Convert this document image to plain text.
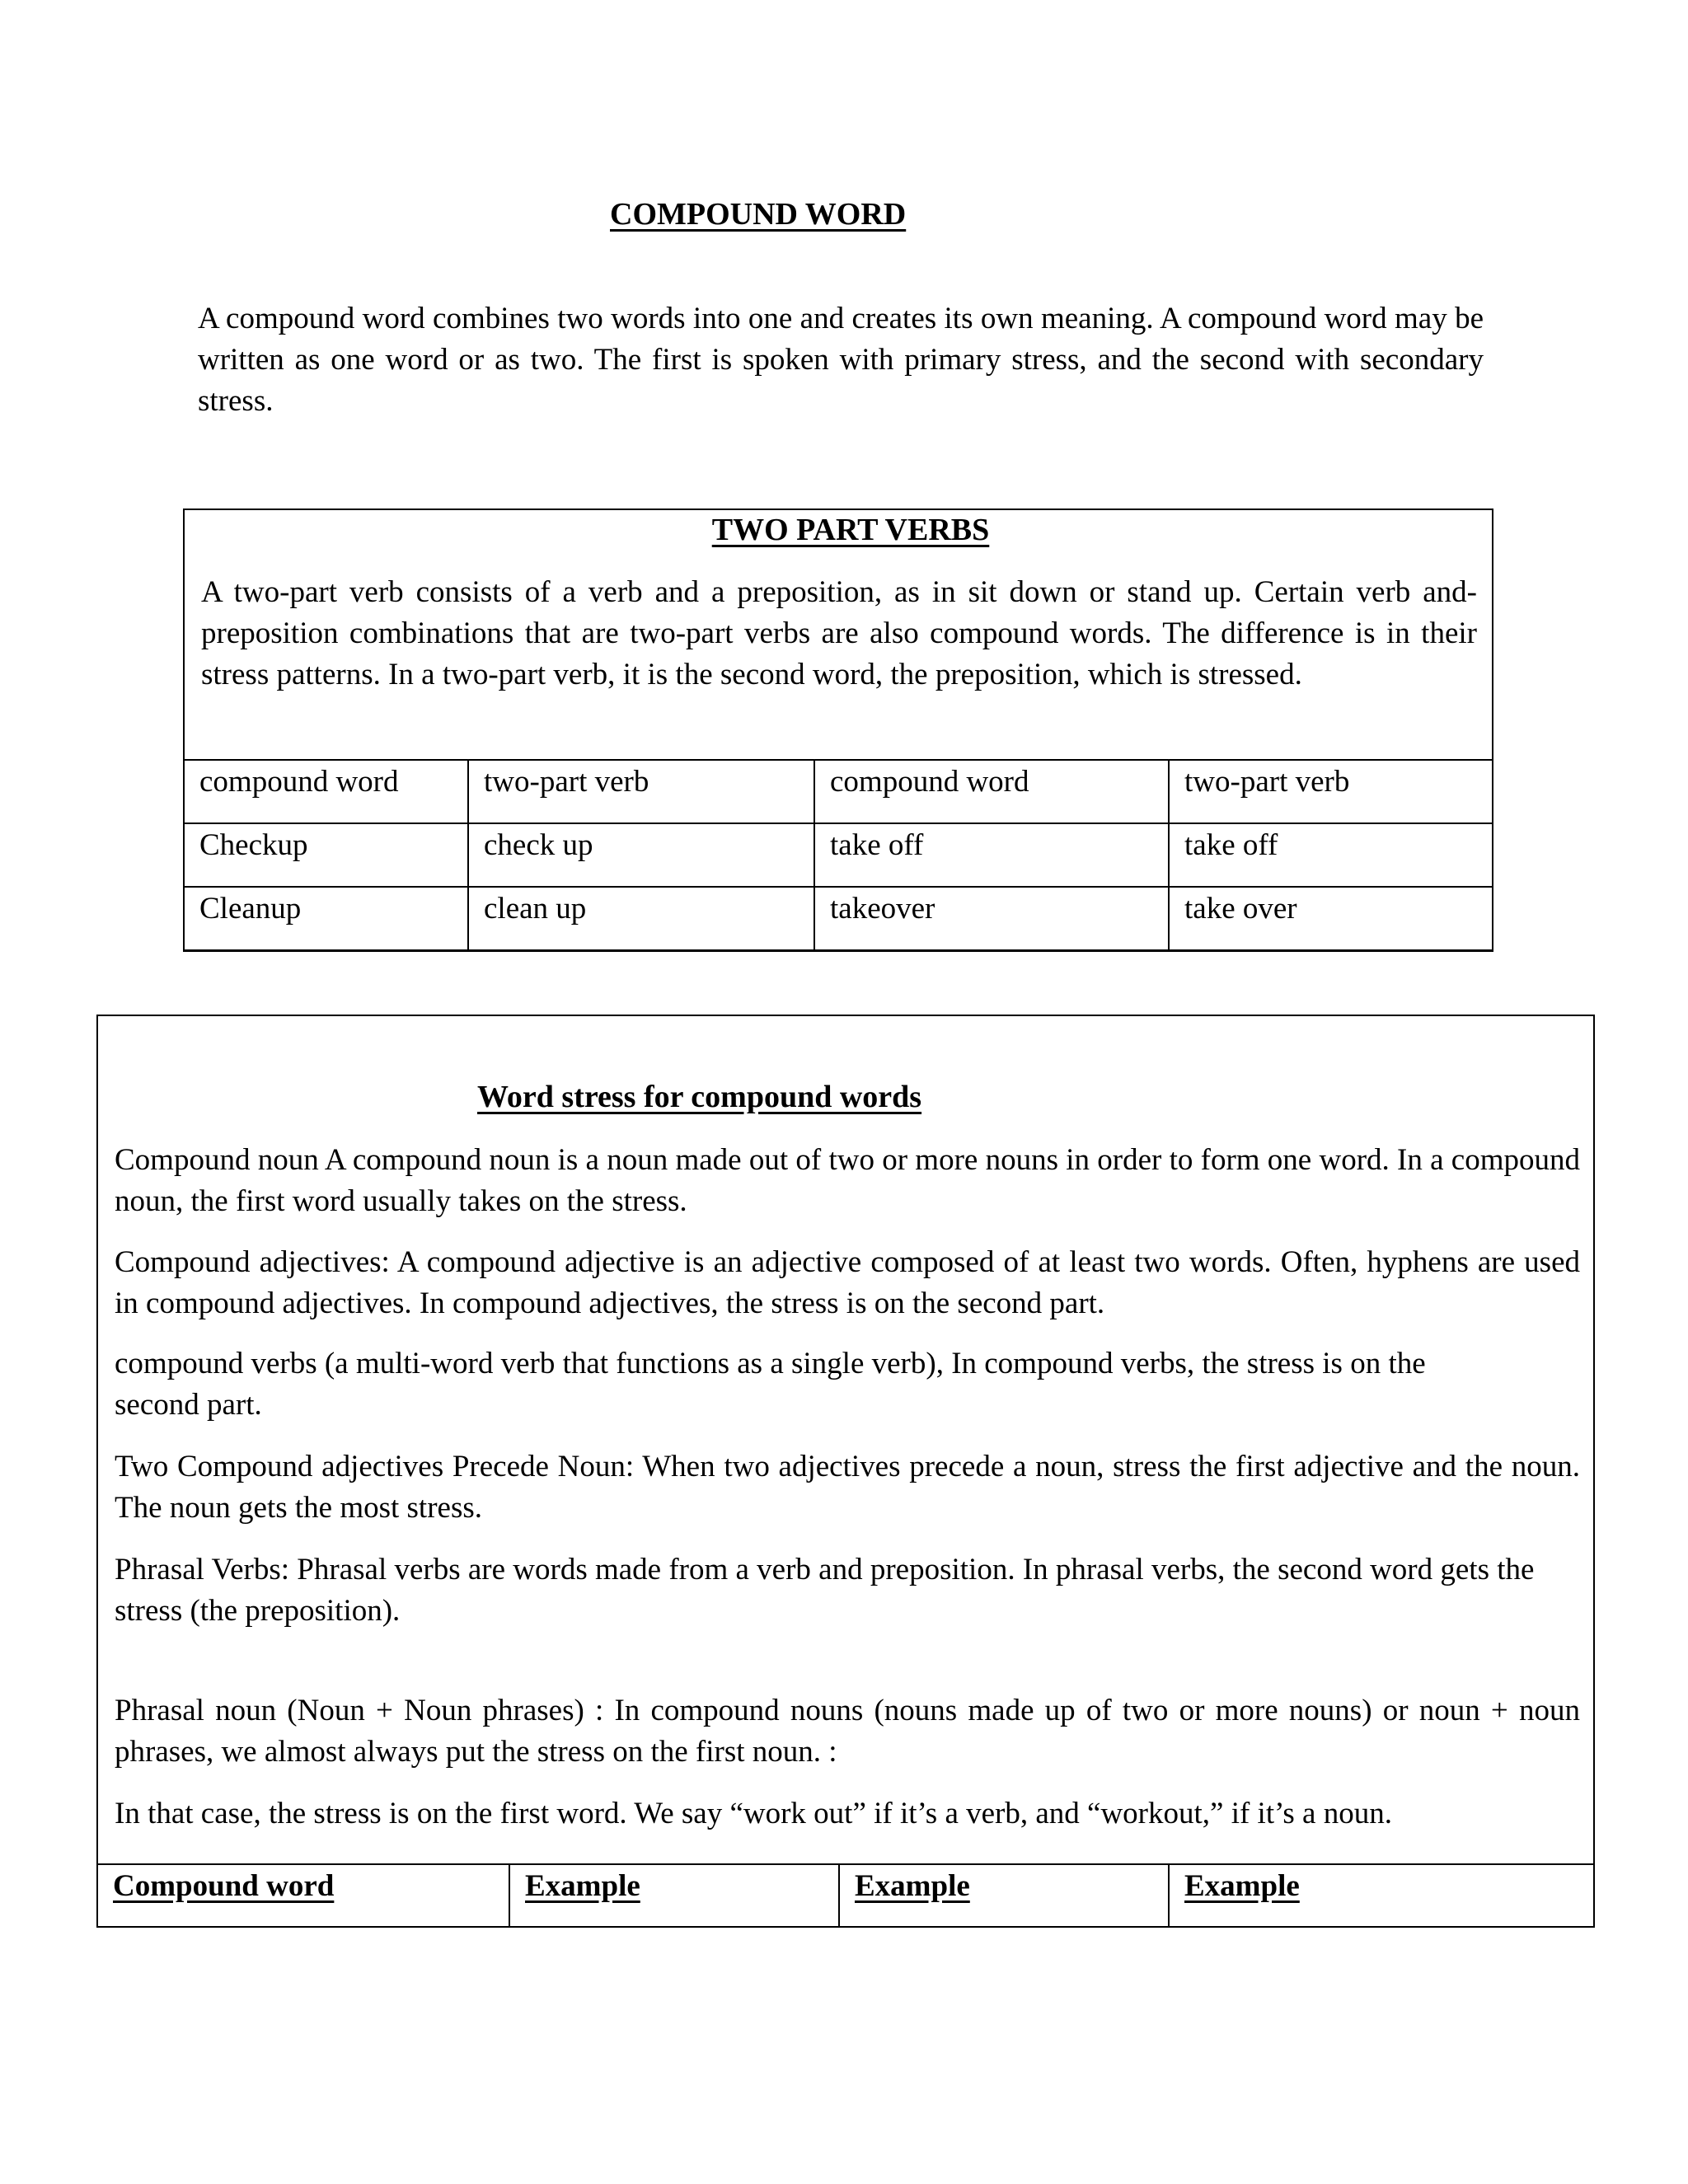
COMPOUND WORD

A compound word combines two words into one and creates its own meaning. A compound word may be written as one word or as two. The first is spoken with primary stress, and the second with secondary stress.

TWO PART VERBS

A two-part verb consists of a verb and a preposition, as in sit down or stand up. Certain verb and- preposition combinations that are two-part verbs are also compound words. The difference is in their stress patterns. In a two-part verb, it is the second word, the preposition, which is stressed.

compound word	two-part verb	compound word	two-part verb
Checkup	check up	take off	take off
Cleanup	clean up	takeover	take over
Word stress for compound words

Compound noun A compound noun is a noun made out of two or more nouns in order to form one word. In a compound noun, the first word usually takes on the stress.

Compound adjectives: A compound adjective is an adjective composed of at least two words. Often, hyphens are used in compound adjectives. In compound adjectives, the stress is on the second part.

compound verbs (a multi-word verb that functions as a single verb), In compound verbs, the stress is on the second part.

Two Compound adjectives Precede Noun: When two adjectives precede a noun, stress the first adjective and the noun. The noun gets the most stress.

Phrasal Verbs: Phrasal verbs are words made from a verb and preposition. In phrasal verbs, the second word gets the stress (the preposition).

Phrasal noun (Noun + Noun phrases) : In compound nouns (nouns made up of two or more nouns) or noun + noun phrases, we almost always put the stress on the first noun. :

In that case, the stress is on the first word. We say “work out” if it’s a verb, and “workout,” if it’s a noun.

Compound word	Example	Example	Example
